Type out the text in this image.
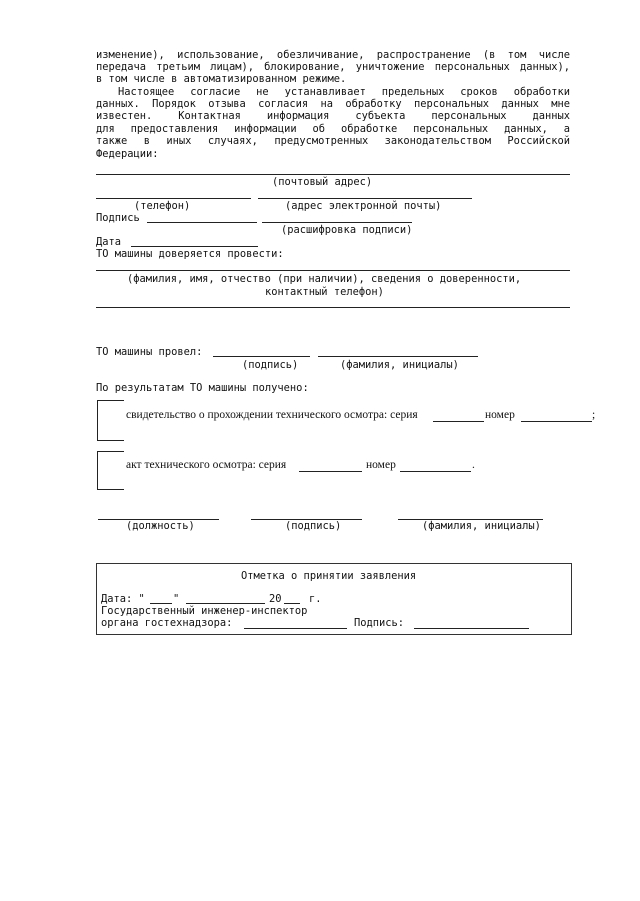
изменение), использование, обезличивание, распространение (в том числе
передача третьим лицам), блокирование, уничтожение персональных данных),
в том числе в автоматизированном режиме.
Настоящее согласие не устанавливает предельных сроков обработки
данных. Порядок отзыва согласия на обработку персональных данных мне
известен. Контактная информация субъекта персональных данных
для предоставления информации об обработке персональных данных, а
также в иных случаях, предусмотренных законодательством Российской
Федерации:
(почтовый адрес)
(телефон)	(адрес электронной почты)
Подпись
(расшифровка подписи)
Дата
ТО машины доверяется провести:
(фамилия, имя, отчество (при наличии), сведения о доверенности,
контактный телефон)
ТО машины провел:
(подпись)	(фамилия, инициалы)
По результатам ТО машины получено:
свидетельство о прохождении технического осмотра: серия	номер	;
акт технического осмотра: серия	номер	.
(должность)	(подпись)	(фамилия, инициалы)
Отметка о принятии заявления
Дата: "	"	20	г.
Государственный инженер-инспектор
органа гостехнадзора:	Подпись:
